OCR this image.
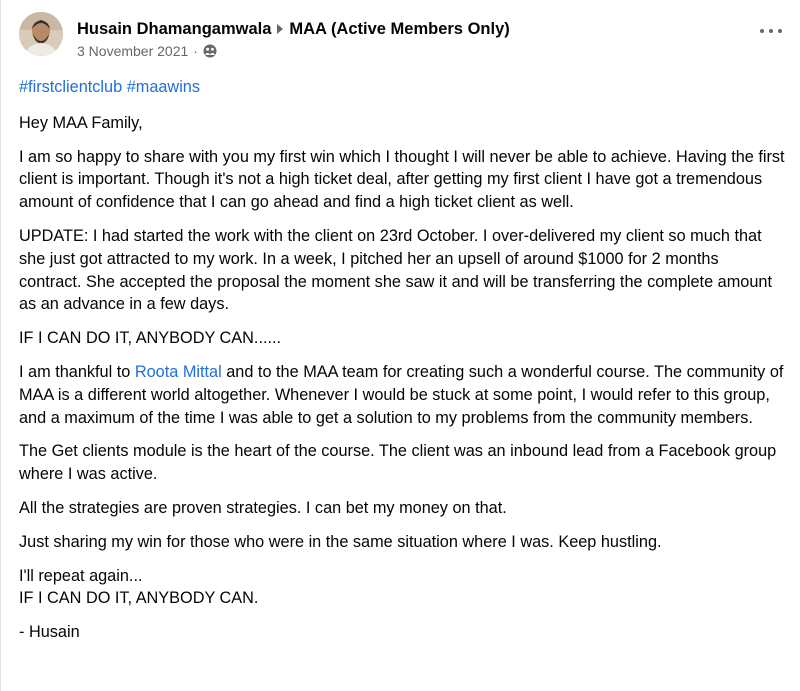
Husain Dhamangamwala MAA (Active Members Only)
3 November 2021 ·

#firstclientclub #maawins

Hey MAA Family,

I am so happy to share with you my first win which I thought I will never be able to achieve. Having the first client is important. Though it's not a high ticket deal, after getting my first client I have got a tremendous amount of confidence that I can go ahead and find a high ticket client as well.

UPDATE: I had started the work with the client on 23rd October. I over-delivered my client so much that she just got attracted to my work. In a week, I pitched her an upsell of around $1000 for 2 months contract. She accepted the proposal the moment she saw it and will be transferring the complete amount as an advance in a few days.

IF I CAN DO IT, ANYBODY CAN......

I am thankful to Roota Mittal and to the MAA team for creating such a wonderful course. The community of MAA is a different world altogether. Whenever I would be stuck at some point, I would refer to this group, and a maximum of the time I was able to get a solution to my problems from the community members.

The Get clients module is the heart of the course. The client was an inbound lead from a Facebook group where I was active.

All the strategies are proven strategies. I can bet my money on that.

Just sharing my win for those who were in the same situation where I was. Keep hustling.

I'll repeat again...
IF I CAN DO IT, ANYBODY CAN.

- Husain
